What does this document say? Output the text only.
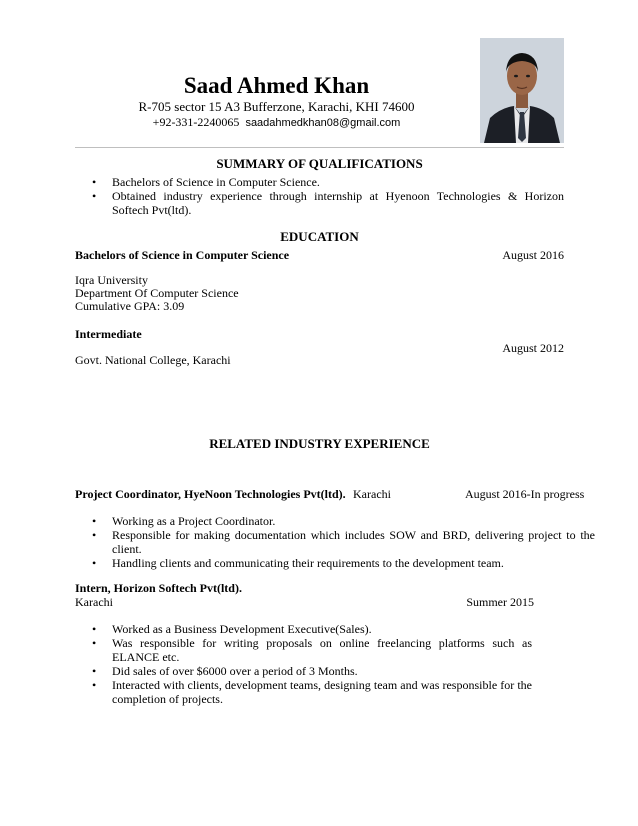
Saad Ahmed Khan
R-705 sector 15 A3 Bufferzone, Karachi, KHI 74600
+92-331-2240065 saadahmedkhan08@gmail.com
SUMMARY OF QUALIFICATIONS
• Bachelors of Science in Computer Science.
• Obtained industry experience through internship at Hyenoon Technologies & Horizon Softech Pvt(ltd).
EDUCATION
Bachelors of Science in Computer Science	August 2016
Iqra University
Department Of Computer Science
Cumulative GPA: 3.09
Intermediate
August 2012
Govt. National College, Karachi
RELATED INDUSTRY EXPERIENCE
Project Coordinator, HyeNoon Technologies Pvt(ltd). Karachi	August 2016-In progress
• Working as a Project Coordinator.
• Responsible for making documentation which includes SOW and BRD, delivering project to the client.
• Handling clients and communicating their requirements to the development team.
Intern, Horizon Softech Pvt(ltd).
Karachi	Summer 2015
• Worked as a Business Development Executive(Sales).
• Was responsible for writing proposals on online freelancing platforms such as ELANCE etc.
• Did sales of over $6000 over a period of 3 Months.
• Interacted with clients, development teams, designing team and was responsible for the completion of projects.
